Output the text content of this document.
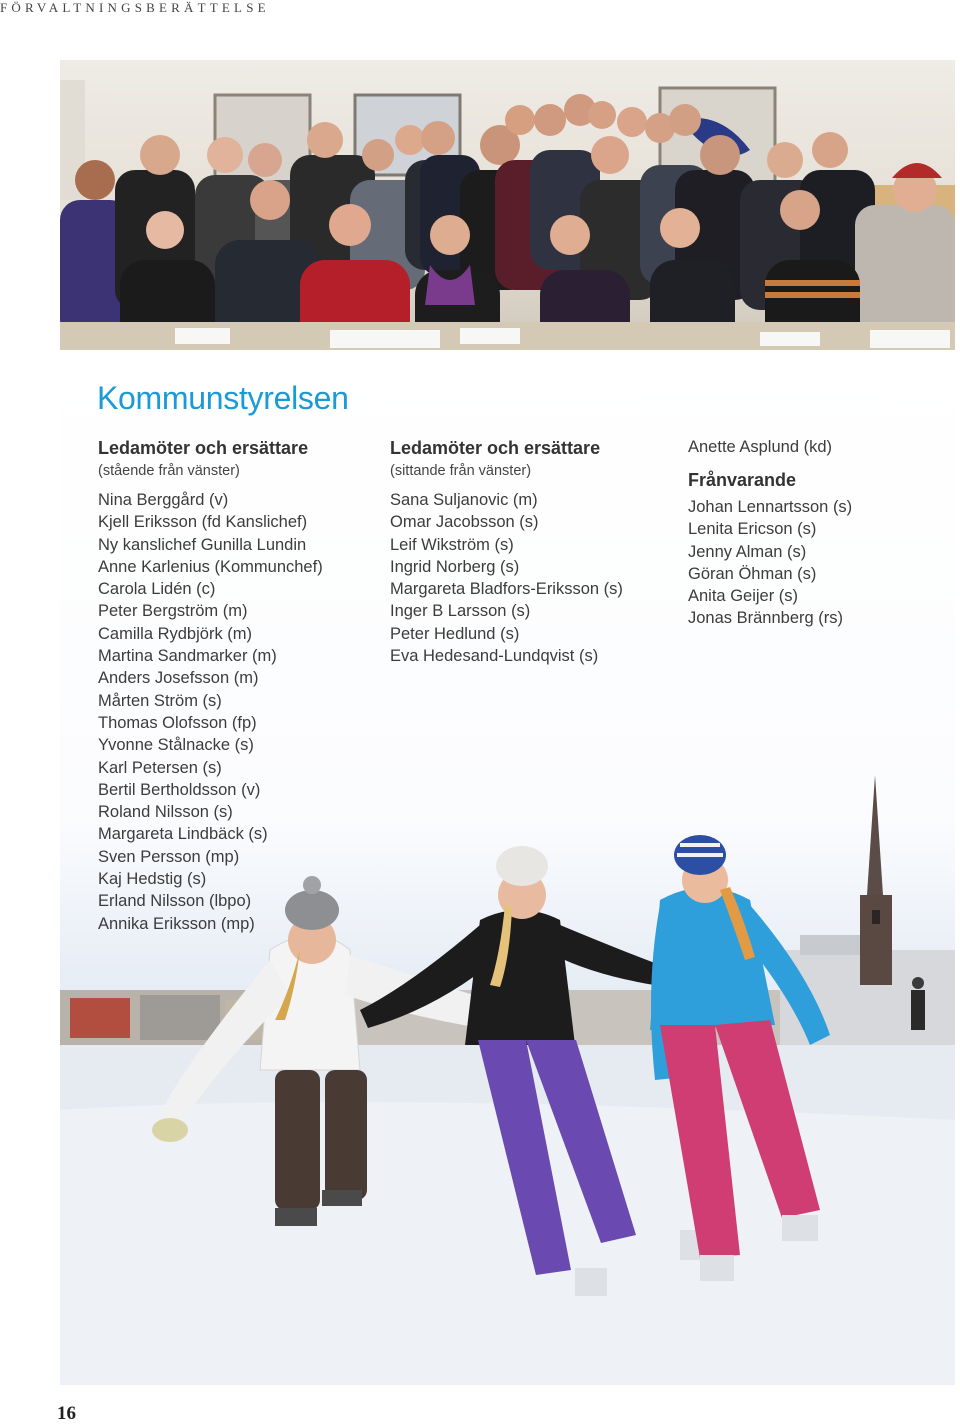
FÖRVALTNINGSBERÄTTELSE
Kommunstyrelsen

Ledamöter och ersättare

(stående från vänster)

Nina Berggård (v)
Kjell Eriksson (fd Kanslichef)
Ny kanslichef Gunilla Lundin
Anne Karlenius (Kommunchef)
Carola Lidén (c)
Peter Bergström (m)
Camilla Rydbjörk (m)
Martina Sandmarker (m)
Anders Josefsson (m)
Mårten Ström (s)
Thomas Olofsson (fp)
Yvonne Stålnacke (s)
Karl Petersen (s)
Bertil Bertholdsson (v)
Roland Nilsson (s)
Margareta Lindbäck (s)
Sven Persson (mp)
Kaj Hedstig (s)
Erland Nilsson (lbpo)
Annika Eriksson (mp)

Ledamöter och ersättare

(sittande från vänster)

Sana Suljanovic (m)
Omar Jacobsson (s)
Leif Wikström (s)
Ingrid Norberg (s)
Margareta Bladfors-Eriksson (s)
Inger B Larsson (s)
Peter Hedlund (s)
Eva Hedesand-Lundqvist (s)

Anette Asplund (kd)

Frånvarande

Johan Lennartsson (s)
Lenita Ericson (s)
Jenny Alman (s)
Göran Öhman (s)
Anita Geijer (s)
Jonas Brännberg (rs)
16
